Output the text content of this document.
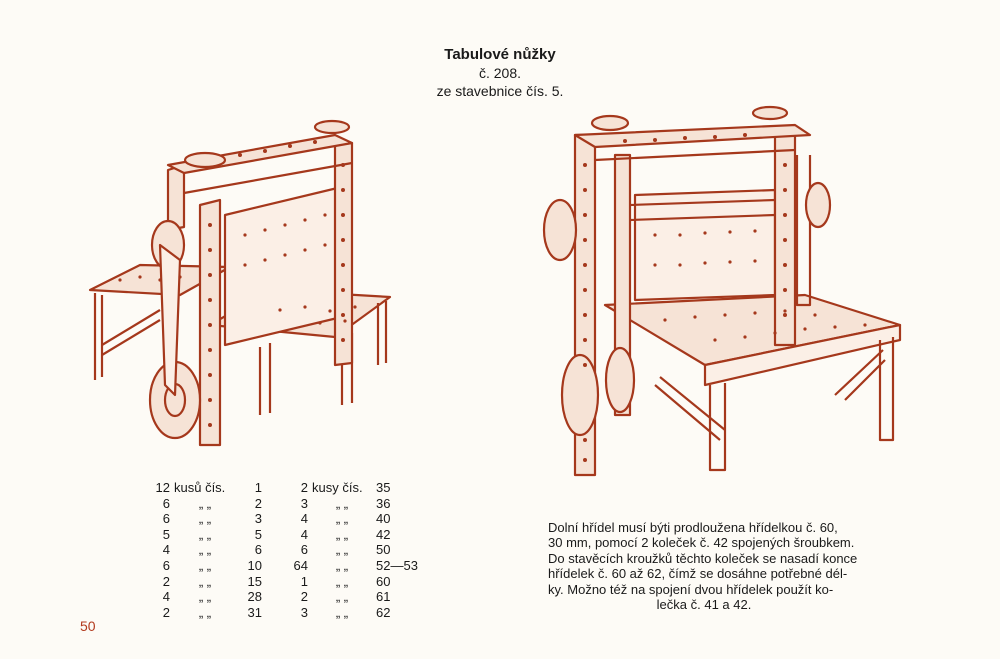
Tabulové nůžky
č. 208.
ze stavebnice čís. 5.
12	kusů čís.	1	2	kusy čís.	35
6	„ „	2	3	„ „	36
6	„ „	3	4	„ „	40
5	„ „	5	4	„ „	42
4	„ „	6	6	„ „	50
6	„ „	10	64	„ „	52—53
2	„ „	15	1	„ „	60
4	„ „	28	2	„ „	61
2	„ „	31	3	„ „	62
Dolní hřídel musí býti prodloužena hřídelkou č. 60,
30 mm, pomocí 2 koleček č. 42 spojených šroubkem.
Do stavěcích kroužků těchto koleček se nasadí konce
hřídelek č. 60 až 62, čímž se dosáhne potřebné dél-
ky. Možno též na spojení dvou hřídelek použít ko-
lečka č. 41 a 42.
50
